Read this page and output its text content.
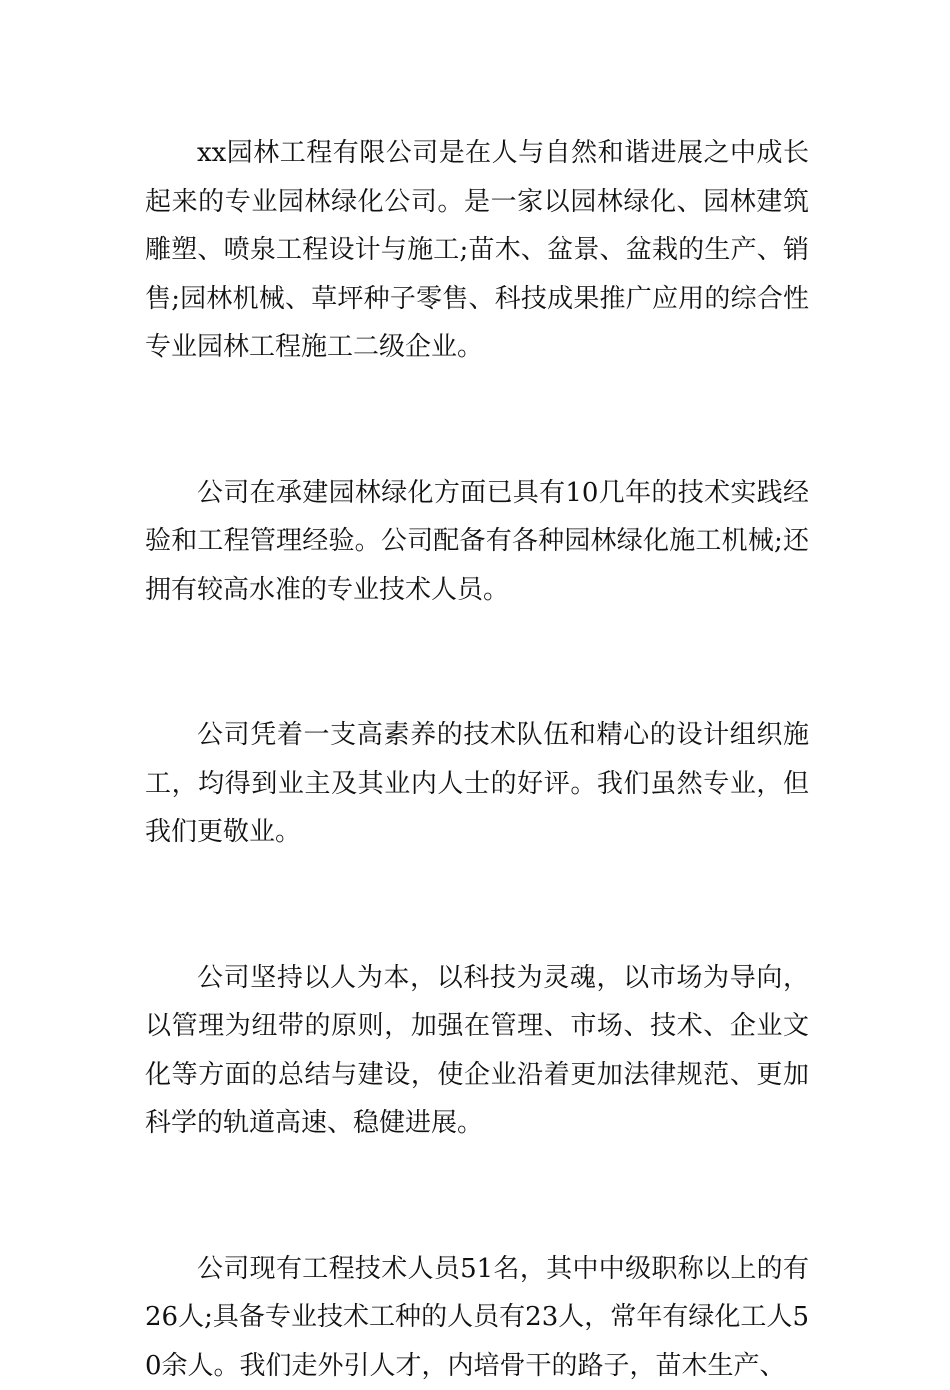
xx园林工程有限公司是在人与自然和谐进展之中成长起来的专业园林绿化公司。是一家以园林绿化、园林建筑雕塑、喷泉工程设计与施工;苗木、盆景、盆栽的生产、销售;园林机械、草坪种子零售、科技成果推广应用的综合性专业园林工程施工二级企业。

公司在承建园林绿化方面已具有10几年的技术实践经验和工程管理经验。公司配备有各种园林绿化施工机械;还拥有较高水准的专业技术人员。

公司凭着一支高素养的技术队伍和精心的设计组织施工，均得到业主及其业内人士的好评。我们虽然专业，但我们更敬业。

公司坚持以人为本，以科技为灵魂，以市场为导向，以管理为纽带的原则，加强在管理、市场、技术、企业文化等方面的总结与建设，使企业沿着更加法律规范、更加科学的轨道高速、稳健进展。

公司现有工程技术人员51名，其中中级职称以上的有26人;具备专业技术工种的人员有23人，常年有绿化工人50余人。我们走外引人才，内培骨干的路子，苗木生产、
